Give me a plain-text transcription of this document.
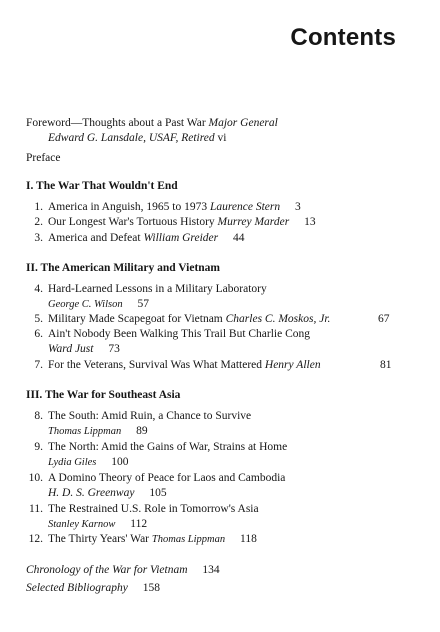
Contents
Foreword—Thoughts about a Past War Major General
Edward G. Lansdale, USAF, Retired vi
Preface
I. The War That Wouldn't End
1. America in Anguish, 1965 to 1973 Laurence Stern 3
2. Our Longest War's Tortuous History Murrey Marder 13
3. America and Defeat William Greider 44
II. The American Military and Vietnam
4. Hard-Learned Lessons in a Military Laboratory
George C. Wilson 57
5. Military Made Scapegoat for Vietnam Charles C. Moskos, Jr.	67
6. Ain't Nobody Been Walking This Trail But Charlie Cong
Ward Just 73
7. For the Veterans, Survival Was What Mattered Henry Allen	81
III. The War for Southeast Asia
8. The South: Amid Ruin, a Chance to Survive
Thomas Lippman 89
9. The North: Amid the Gains of War, Strains at Home
Lydia Giles 100
10. A Domino Theory of Peace for Laos and Cambodia
H. D. S. Greenway 105
11. The Restrained U.S. Role in Tomorrow's Asia
Stanley Karnow 112
12. The Thirty Years' War Thomas Lippman 118
Chronology of the War for Vietnam 134
Selected Bibliography 158
